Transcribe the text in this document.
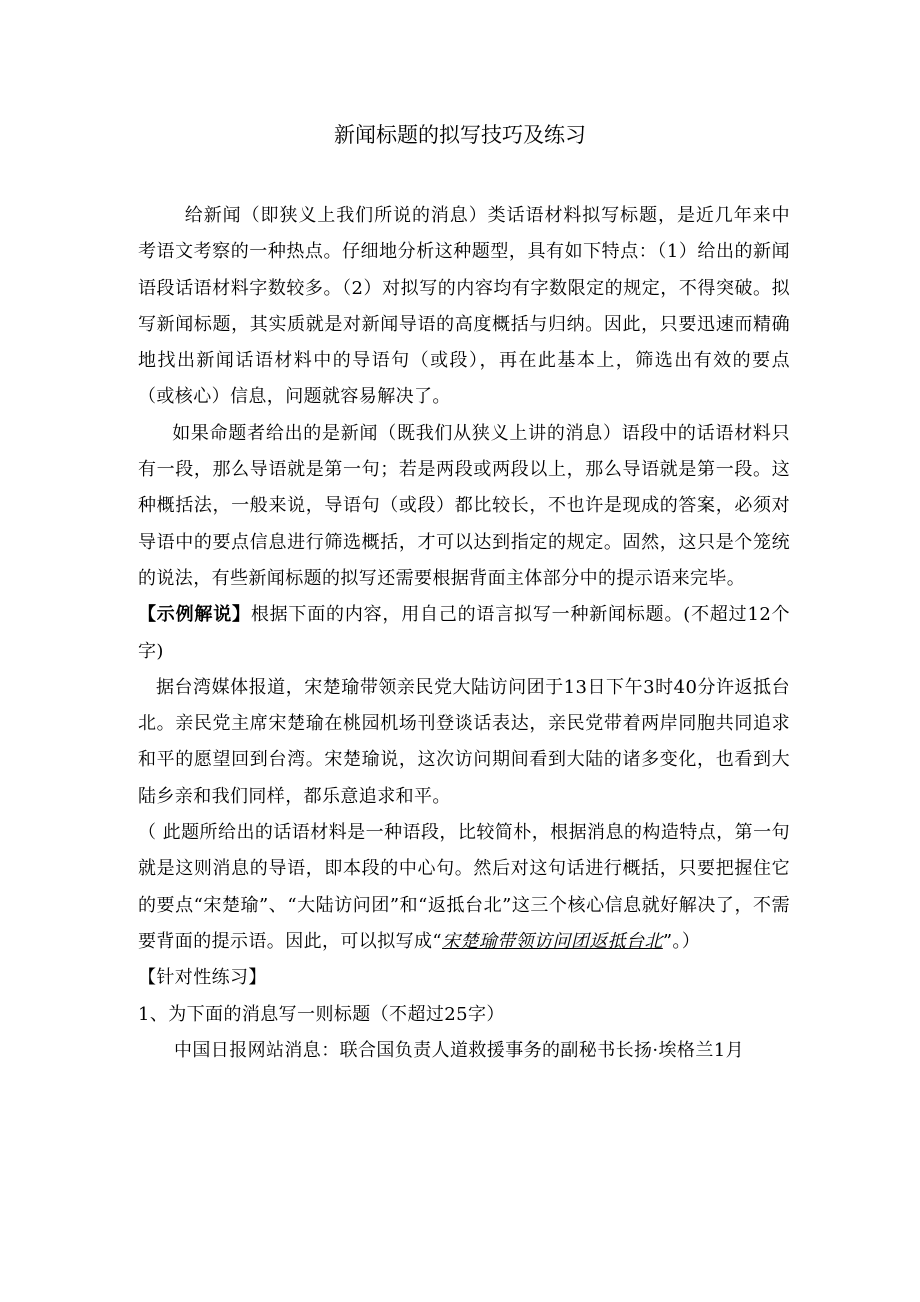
新闻标题的拟写技巧及练习

给新闻（即狭义上我们所说的消息）类话语材料拟写标题，是近几年来中考语文考察的一种热点。仔细地分析这种题型，具有如下特点：（1）给出的新闻语段话语材料字数较多。（2）对拟写的内容均有字数限定的规定，不得突破。拟写新闻标题，其实质就是对新闻导语的高度概括与归纳。因此，只要迅速而精确地找出新闻话语材料中的导语句（或段），再在此基本上，筛选出有效的要点（或核心）信息，问题就容易解决了。

如果命题者给出的是新闻（既我们从狭义上讲的消息）语段中的话语材料只有一段，那么导语就是第一句；若是两段或两段以上，那么导语就是第一段。这种概括法，一般来说，导语句（或段）都比较长，不也许是现成的答案，必须对导语中的要点信息进行筛选概括，才可以达到指定的规定。固然，这只是个笼统的说法，有些新闻标题的拟写还需要根据背面主体部分中的提示语来完毕。

【示例解说】根据下面的内容，用自己的语言拟写一种新闻标题。(不超过12个字)

据台湾媒体报道，宋楚瑜带领亲民党大陆访问团于13日下午3时40分许返抵台北。亲民党主席宋楚瑜在桃园机场刊登谈话表达，亲民党带着两岸同胞共同追求和平的愿望回到台湾。宋楚瑜说，这次访问期间看到大陆的诸多变化，也看到大陆乡亲和我们同样，都乐意追求和平。

（ 此题所给出的话语材料是一种语段，比较简朴，根据消息的构造特点，第一句就是这则消息的导语，即本段的中心句。然后对这句话进行概括，只要把握住它的要点“宋楚瑜”、“大陆访问团”和“返抵台北”这三个核心信息就好解决了，不需要背面的提示语。因此，可以拟写成“宋楚瑜带领访问团返抵台北”。）

【针对性练习】

1、为下面的消息写一则标题（不超过25字）

中国日报网站消息：联合国负责人道救援事务的副秘书长扬·埃格兰1月
